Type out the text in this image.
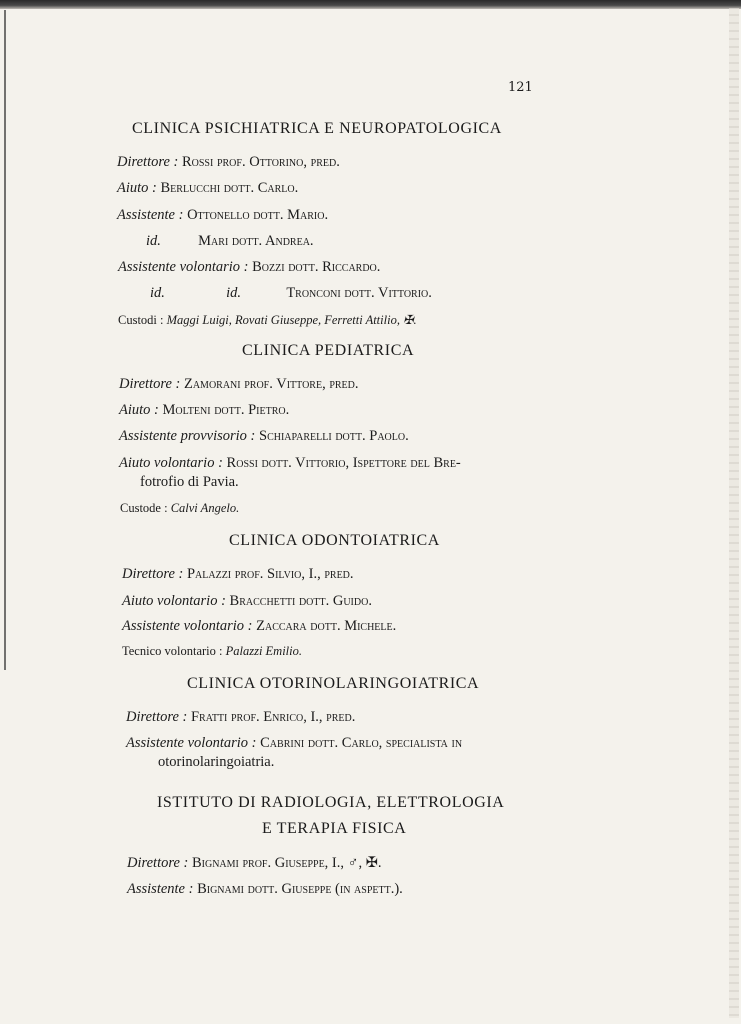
121
CLINICA PSICHIATRICA E NEUROPATOLOGICA
Direttore : Rossi prof. Ottorino, pred.
Aiuto : Berlucchi dott. Carlo.
Assistente : Ottonello dott. Mario.
id.	Mari dott. Andrea.
Assistente volontario : Bozzi dott. Riccardo.
id.	id.	Tronconi dott. Vittorio.
Custodi : Maggi Luigi, Rovati Giuseppe, Ferretti Attilio, ✠.
CLINICA PEDIATRICA
Direttore : Zamorani prof. Vittore, pred.
Aiuto : Molteni dott. Pietro.
Assistente provvisorio : Schiaparelli dott. Paolo.
Aiuto volontario : Rossi dott. Vittorio, Ispettore del Bre-
fotrofio di Pavia.
Custode : Calvi Angelo.
CLINICA ODONTOIATRICA
Direttore : Palazzi prof. Silvio, I., pred.
Aiuto volontario : Bracchetti dott. Guido.
Assistente volontario : Zaccara dott. Michele.
Tecnico volontario : Palazzi Emilio.
CLINICA OTORINOLARINGOIATRICA
Direttore : Fratti prof. Enrico, I., pred.
Assistente volontario : Cabrini dott. Carlo, specialista in
otorinolaringoiatria.
ISTITUTO DI RADIOLOGIA, ELETTROLOGIA
E TERAPIA FISICA
Direttore : Bignami prof. Giuseppe, I., ♂, ✠.
Assistente : Bignami dott. Giuseppe (in aspett.).
